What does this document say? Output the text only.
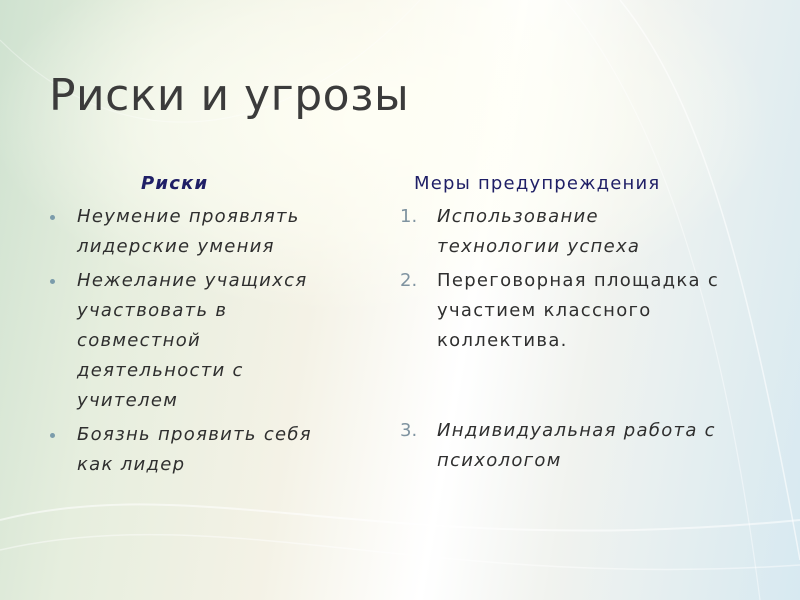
Риски и угрозы
Риски
Неумение проявлять
лидерские умения
Нежелание учащихся
участвовать в
совместной
деятельности с
учителем
Боязнь проявить себя
как лидер
Меры предупреждения
1. Использование
технологии успеха
2. Переговорная площадка с
участием классного
коллектива.
3. Индивидуальная работа с
психологом
